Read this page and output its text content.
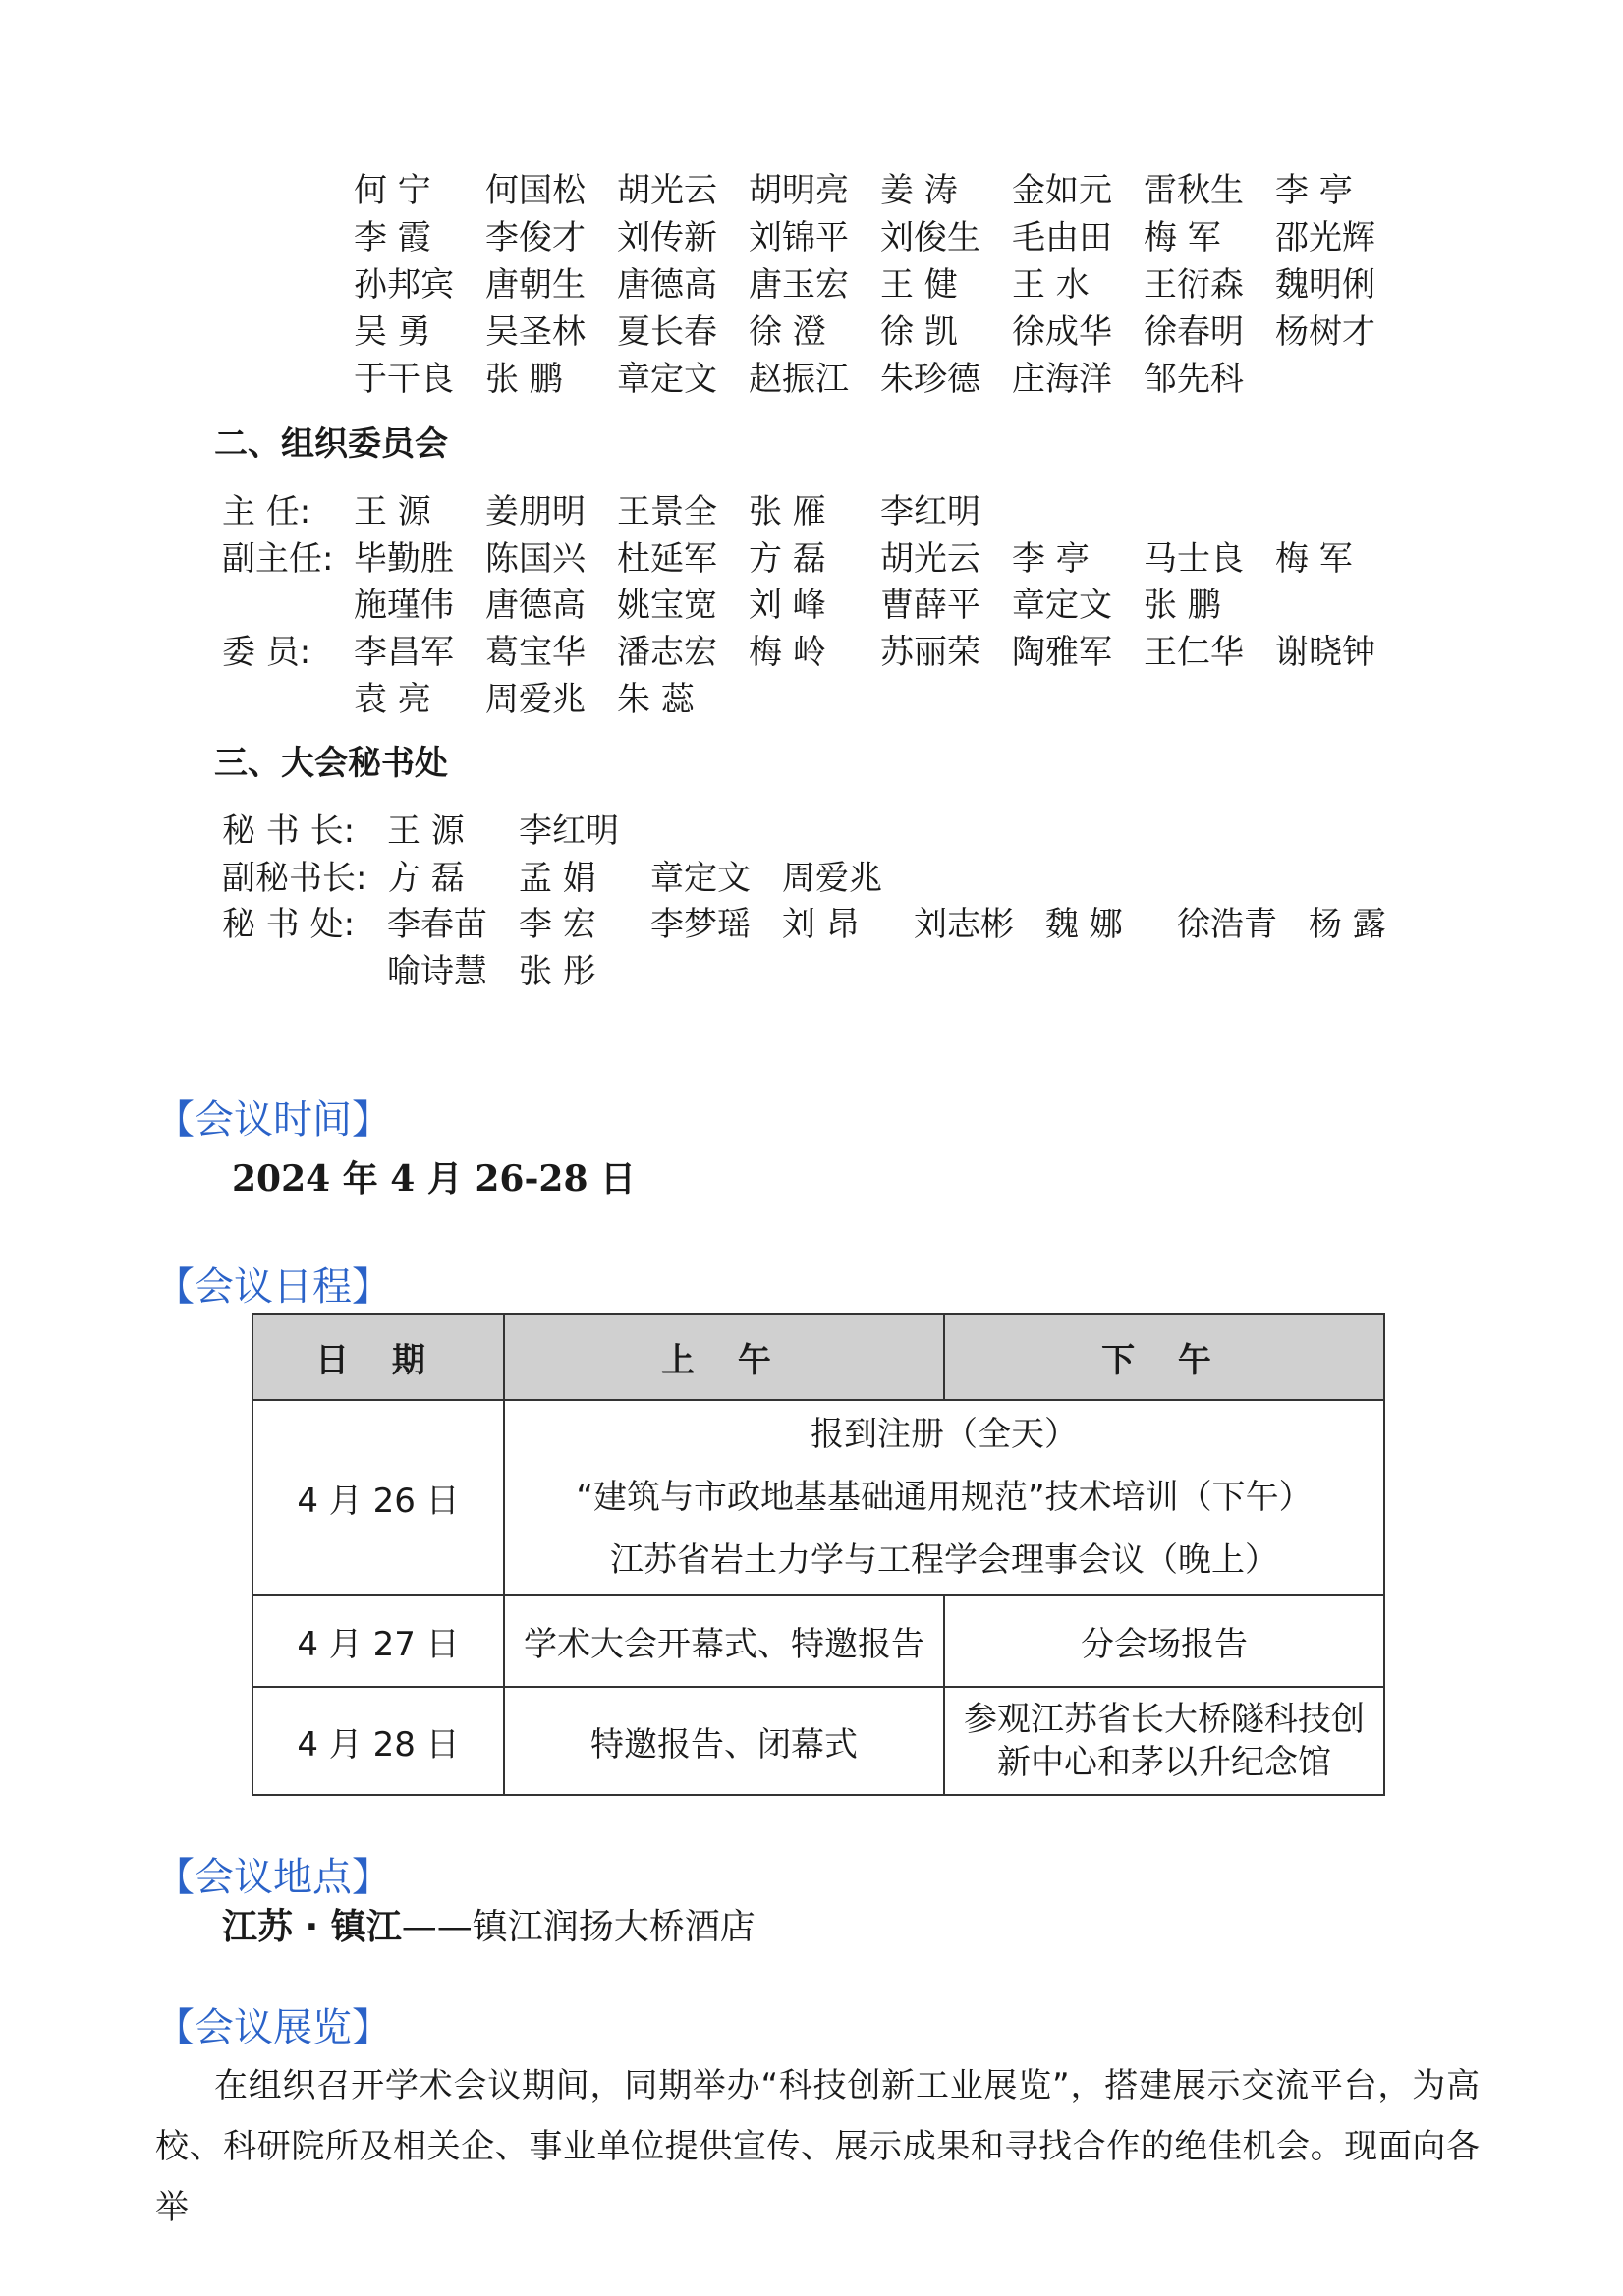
何 宁 何国松 胡光云 胡明亮 姜 涛 金如元 雷秋生 李 亭
李 霞 李俊才 刘传新 刘锦平 刘俊生 毛由田 梅 军 邵光辉
孙邦宾 唐朝生 唐德高 唐玉宏 王 健 王 水 王衍森 魏明俐
吴 勇 吴圣林 夏长春 徐 澄 徐 凯 徐成华 徐春明 杨树才
于干良 张 鹏 章定文 赵振江 朱珍德 庄海洋 邹先科
二、组织委员会
主 任: 王 源 姜朋明 王景全 张 雁 李红明
副主任: 毕勤胜 陈国兴 杜延军 方 磊 胡光云 李 亭 马士良 梅 军
施瑾伟 唐德高 姚宝宽 刘 峰 曹薛平 章定文 张 鹏
委 员: 李昌军 葛宝华 潘志宏 梅 岭 苏丽荣 陶雅军 王仁华 谢晓钟
袁 亮 周爱兆 朱 蕊
三、大会秘书处
秘 书 长: 王 源 李红明
副秘书长: 方 磊 孟 娟 章定文 周爱兆
秘 书 处: 李春苗 李 宏 李梦瑶 刘 昂 刘志彬 魏 娜 徐浩青 杨 露
喻诗慧 张 彤
【会议时间】
2024 年 4 月 26-28 日
【会议日程】
日 期	上 午	下 午
4 月 26 日	报到注册（全天）
“建筑与市政地基基础通用规范”技术培训（下午）
江苏省岩土力学与工程学会理事会议（晚上）	

4 月 27 日	学术大会开幕式、特邀报告	分会场报告
4 月 28 日	特邀报告、闭幕式	参观江苏省长大桥隧科技创
新中心和茅以升纪念馆
【会议地点】
江苏 · 镇江——镇江润扬大桥酒店
【会议展览】
在组织召开学术会议期间，同期举办“科技创新工业展览”，搭建展示交流平台，为高校、科研院所及相关企、事业单位提供宣传、展示成果和寻找合作的绝佳机会。现面向各举
